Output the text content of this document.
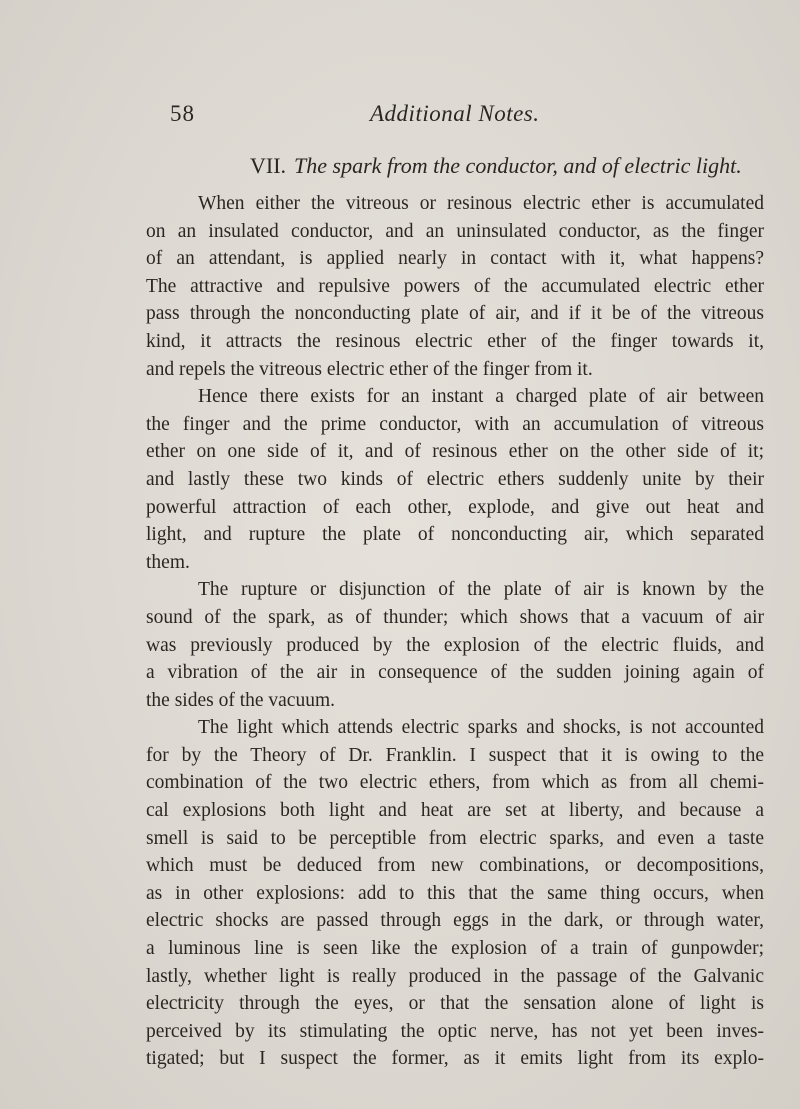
58	Additional Notes.
VII. The spark from the conductor, and of electric light.
When either the vitreous or resinous electric ether is accumulated
on an insulated conductor, and an uninsulated conductor, as the finger
of an attendant, is applied nearly in contact with it, what happens?
The attractive and repulsive powers of the accumulated electric ether
pass through the nonconducting plate of air, and if it be of the vitreous
kind, it attracts the resinous electric ether of the finger towards it,
and repels the vitreous electric ether of the finger from it.
Hence there exists for an instant a charged plate of air between
the finger and the prime conductor, with an accumulation of vitreous
ether on one side of it, and of resinous ether on the other side of it;
and lastly these two kinds of electric ethers suddenly unite by their
powerful attraction of each other, explode, and give out heat and
light, and rupture the plate of nonconducting air, which separated
them.
The rupture or disjunction of the plate of air is known by the
sound of the spark, as of thunder; which shows that a vacuum of air
was previously produced by the explosion of the electric fluids, and
a vibration of the air in consequence of the sudden joining again of
the sides of the vacuum.
The light which attends electric sparks and shocks, is not accounted
for by the Theory of Dr. Franklin. I suspect that it is owing to the
combination of the two electric ethers, from which as from all chemi-
cal explosions both light and heat are set at liberty, and because a
smell is said to be perceptible from electric sparks, and even a taste
which must be deduced from new combinations, or decompositions,
as in other explosions: add to this that the same thing occurs, when
electric shocks are passed through eggs in the dark, or through water,
a luminous line is seen like the explosion of a train of gunpowder;
lastly, whether light is really produced in the passage of the Galvanic
electricity through the eyes, or that the sensation alone of light is
perceived by its stimulating the optic nerve, has not yet been inves-
tigated; but I suspect the former, as it emits light from its explo-
